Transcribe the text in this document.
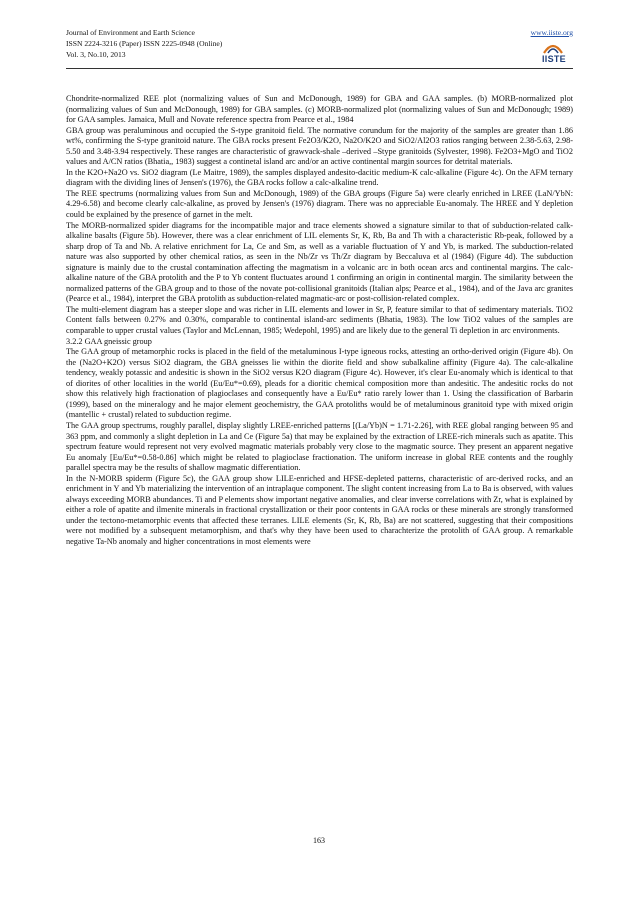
Journal of Environment and Earth Science
ISSN 2224-3216 (Paper) ISSN 2225-0948 (Online)
Vol. 3, No.10, 2013
www.iiste.org
IISTE

Chondrite-normalized REE plot (normalizing values of Sun and McDonough, 1989) for GBA and GAA samples. (b) MORB-normalized plot (normalizing values of Sun and McDonough, 1989) for GBA samples. (c) MORB-normalized plot (normalizing values of Sun and McDonough; 1989) for GAA samples. Jamaica, Mull and Novate reference spectra from Pearce et al., 1984

GBA group was peraluminous and occupied the S-type granitoid field. The normative corundum for the majority of the samples are greater than 1.86 wt%, confirming the S-type granitoid nature. The GBA rocks present Fe2O3/K2O, Na2O/K2O and SiO2/Al2O3 ratios ranging between 2.38-5.63, 2.98-5.50 and 3.48-3.94 respectively. These ranges are characteristic of grawvack-shale –derived –Stype granitoids (Sylvester, 1998). Fe2O3+MgO and TiO2 values and A/CN ratios (Bhatia,, 1983) suggest a continetal island arc and/or an active continental margin sources for detrital materials.

In the K2O+Na2O vs. SiO2 diagram (Le Maitre, 1989), the samples displayed andesito-dacitic medium-K calc-alkaline (Figure 4c). On the AFM ternary diagram with the dividing lines of Jensen's (1976), the GBA rocks follow a calc-alkaline trend.

The REE spectrums (normalizing values from Sun and McDonough, 1989) of the GBA groups (Figure 5a) were clearly enriched in LREE (LaN/YbN: 4.29-6.58) and become clearly calc-alkaline, as proved by Jensen's (1976) diagram. There was no appreciable Eu-anomaly. The HREE and Y depletion could be explained by the presence of garnet in the melt.

The MORB-normalized spider diagrams for the incompatible major and trace elements showed a signature similar to that of subduction-related calk-alkaline basalts (Figure 5b). However, there was a clear enrichment of LIL elements Sr, K, Rb, Ba and Th with a characteristic Rb-peak, followed by a sharp drop of Ta and Nb. A relative enrichment for La, Ce and Sm, as well as a variable fluctuation of Y and Yb, is marked. The subduction-related nature was also supported by other chemical ratios, as seen in the Nb/Zr vs Th/Zr diagram by Beccaluva et al (1984) (Figure 4d). The subduction signature is mainly due to the crustal contamination affecting the magmatism in a volcanic arc in both ocean arcs and continental margins. The calc-alkaline nature of the GBA protolith and the P to Yb content fluctuates around 1 confirming an origin in continental margin. The similarity between the normalized patterns of the GBA group and to those of the novate pot-collisional granitoids (Italian alps; Pearce et al., 1984), and of the Java arc granites (Pearce et al., 1984), interpret the GBA protolith as subduction-related magmatic-arc or post-collision-related complex.

The multi-element diagram has a steeper slope and was richer in LIL elements and lower in Sr, P, feature similar to that of sedimentary materials. TiO2 Content falls between 0.27% and 0.30%, comparable to continental island-arc sediments (Bhatia, 1983). The low TiO2 values of the samples are comparable to upper crustal values (Taylor and McLennan, 1985; Wedepohl, 1995) and are likely due to the general Ti depletion in arc environments.

3.2.2 GAA gneissic group

The GAA group of metamorphic rocks is placed in the field of the metaluminous I-type igneous rocks, attesting an ortho-derived origin (Figure 4b). On the (Na2O+K2O) versus SiO2 diagram, the GBA gneisses lie within the diorite field and show subalkaline affinity (Figure 4a). The calc-alkaline tendency, weakly potassic and andesitic is shown in the SiO2 versus K2O diagram (Figure 4c). However, it's clear Eu-anomaly which is identical to that of diorites of other localities in the world (Eu/Eu*=0.69), pleads for a dioritic chemical composition more than andesitic. The andesitic rocks do not show this relatively high fractionation of plagioclases and consequently have a Eu/Eu* ratio rarely lower than 1. Using the classification of Barbarin (1999), based on the mineralogy and he major element geochemistry, the GAA protoliths would be of metaluminous granitoid type with mixed origin (mantellic + crustal) related to subduction regime.

The GAA group spectrums, roughly parallel, display slightly LREE-enriched patterns [(La/Yb)N = 1.71-2.26], with REE global ranging between 95 and 363 ppm, and commonly a slight depletion in La and Ce (Figure 5a) that may be explained by the extraction of LREE-rich minerals such as apatite. This spectrum feature would represent not very evolved magmatic materials probably very close to the magmatic source. They present an apparent negative Eu anomaly [Eu/Eu*=0.58-0.86] which might be related to plagioclase fractionation. The uniform increase in global REE contents and the roughly parallel spectra may be the results of shallow magmatic differentiation.

In the N-MORB spiderm (Figure 5c), the GAA group show LILE-enriched and HFSE-depleted patterns, characteristic of arc-derived rocks, and an enrichment in Y and Yb materializing the intervention of an intraplaque component. The slight content increasing from La to Ba is observed, with values always exceeding MORB abundances. Ti and P elements show important negative anomalies, and clear inverse correlations with Zr, what is explained by either a role of apatite and ilmenite minerals in fractional crystallization or their poor contents in GAA rocks or these minerals are strongly transformed under the tectono-metamorphic events that affected these terranes. LILE elements (Sr, K, Rb, Ba) are not scattered, suggesting that their compositions were not modified by a subsequent metamorphism, and that's why they have been used to charachterize the protolith of GAA group. A remarkable negative Ta-Nb anomaly and higher concentrations in most elements were

163
